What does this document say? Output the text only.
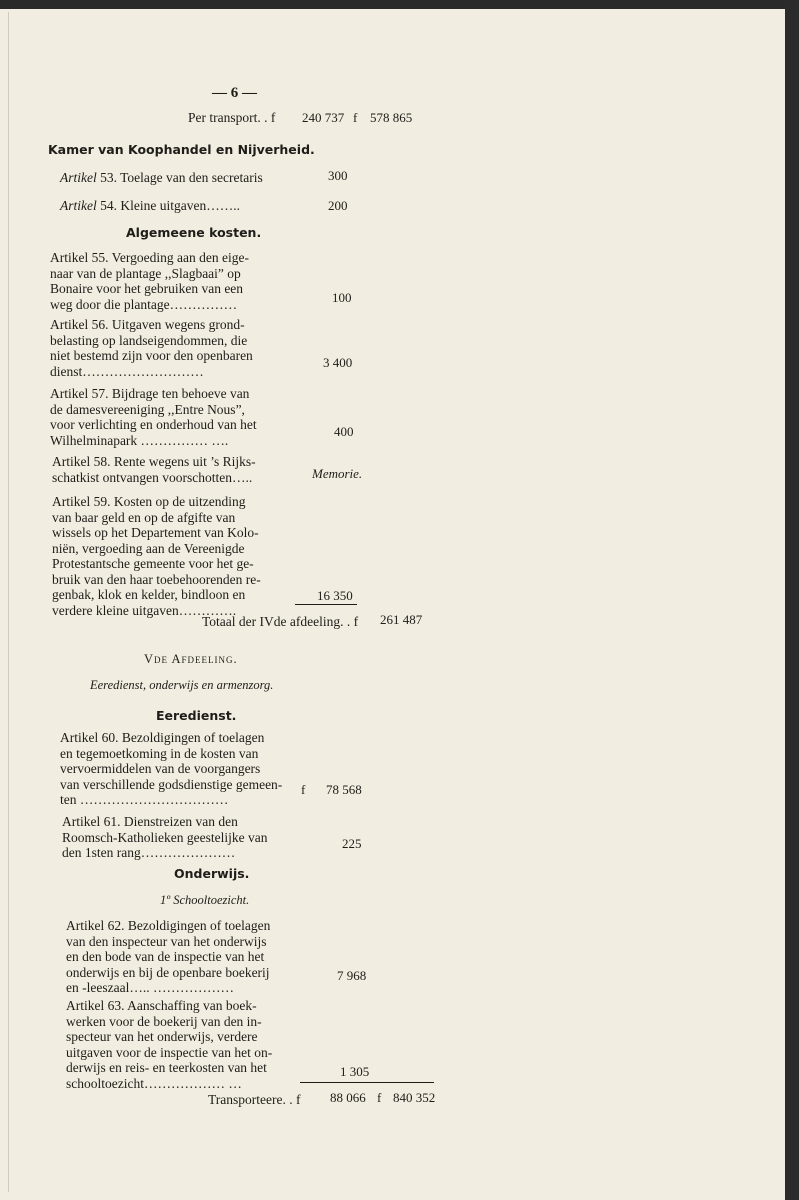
— 6 —
Per transport. . f 240 737 f 578 865
Kamer van Koophandel en Nijverheid.
Artikel 53. Toelage van den secretaris	300
Artikel 54. Kleine uitgaven……..	200
Algemeene kosten.
Artikel 55. Vergoeding aan den eige-
naar van de plantage ,,Slagbaai” op
Bonaire voor het gebruiken van een
weg door die plantage……………	100
Artikel 56. Uitgaven wegens grond-
belasting op landseigendommen, die
niet bestemd zijn voor den openbaren
dienst………………………
3 400
Artikel 57. Bijdrage ten behoeve van
de damesvereeniging ,,Entre Nous”,
voor verlichting en onderhoud van het
Wilhelminapark …………… ….
400
Artikel 58. Rente wegens uit ’s Rijks-
schatkist ontvangen voorschotten…..	Memorie.
Artikel 59. Kosten op de uitzending
van baar geld en op de afgifte van
wissels op het Departement van Kolo-
niën, vergoeding aan de Vereenigde
Protestantsche gemeente voor het ge-
bruik van den haar toebehoorenden re-
genbak, klok en kelder, bindloon en
verdere kleine uitgaven………….
16 350
Totaal der IVde afdeeling. . f 261 487
Vde Afdeeling.
Eeredienst, onderwijs en armenzorg.
Eeredienst.
Artikel 60. Bezoldigingen of toelagen
en tegemoetkoming in de kosten van
vervoermiddelen van de voorgangers
van verschillende godsdienstige gemeen-
ten ……………………………
f 78 568
Artikel 61. Dienstreizen van den
Roomsch-Katholieken geestelijke van
den 1sten rang…………………
225
Onderwijs.
1º Schooltoezicht.
Artikel 62. Bezoldigingen of toelagen
van den inspecteur van het onderwijs
en den bode van de inspectie van het
onderwijs en bij de openbare boekerij
en -leeszaal….. ………………
7 968
Artikel 63. Aanschaffing van boek-
werken voor de boekerij van den in-
specteur van het onderwijs, verdere
uitgaven voor de inspectie van het on-
derwijs en reis- en teerkosten van het
schooltoezicht……………… …
1 305
Transporteere. . f 88 066 f 840 352
